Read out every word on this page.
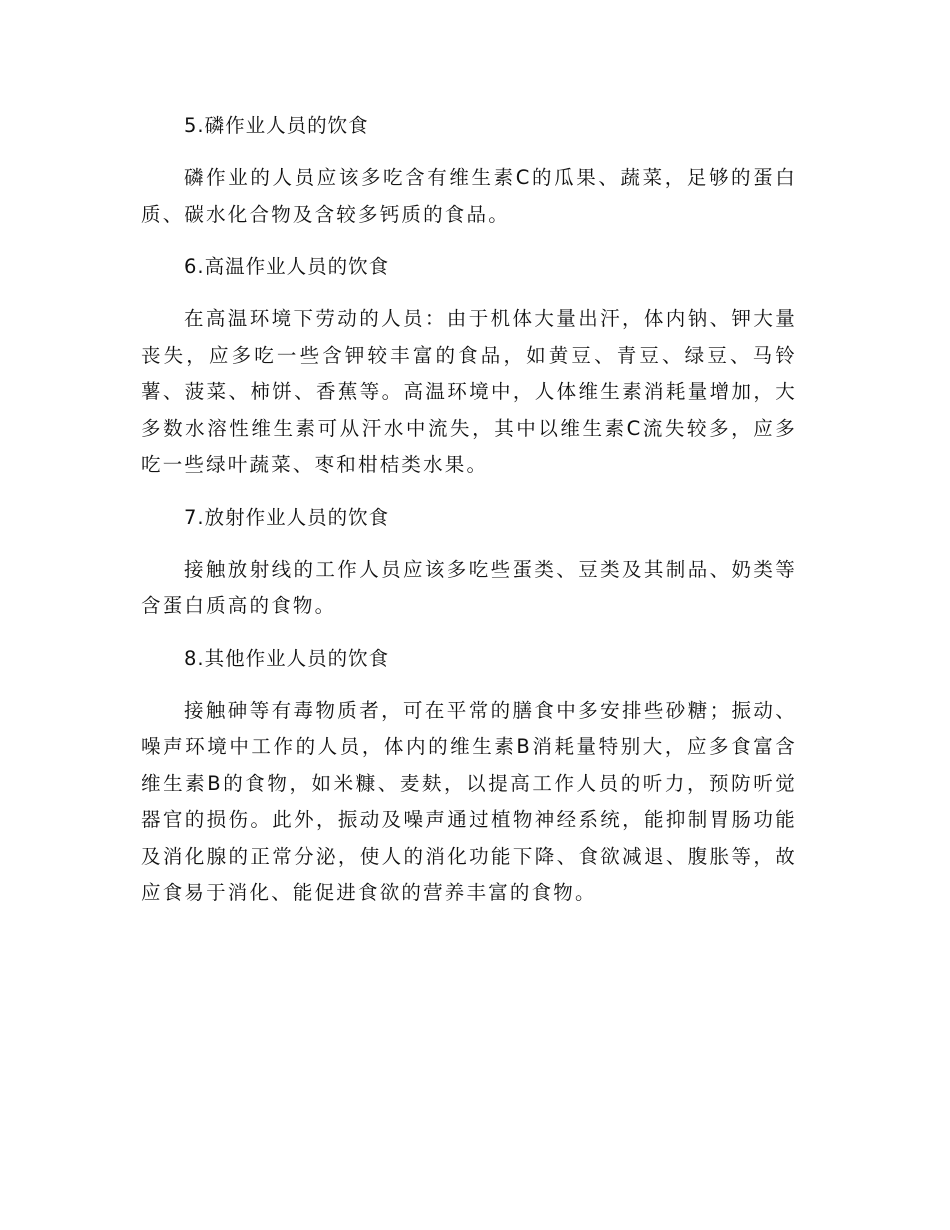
5.磷作业人员的饮食

磷作业的人员应该多吃含有维生素C的瓜果、蔬菜，足够的蛋白质、碳水化合物及含较多钙质的食品。

6.高温作业人员的饮食

在高温环境下劳动的人员：由于机体大量出汗，体内钠、钾大量丧失，应多吃一些含钾较丰富的食品，如黄豆、青豆、绿豆、马铃薯、菠菜、柿饼、香蕉等。高温环境中，人体维生素消耗量增加，大多数水溶性维生素可从汗水中流失，其中以维生素C流失较多，应多吃一些绿叶蔬菜、枣和柑桔类水果。

7.放射作业人员的饮食

接触放射线的工作人员应该多吃些蛋类、豆类及其制品、奶类等含蛋白质高的食物。

8.其他作业人员的饮食

接触砷等有毒物质者，可在平常的膳食中多安排些砂糖；振动、噪声环境中工作的人员，体内的维生素B消耗量特别大，应多食富含维生素B的食物，如米糠、麦麸，以提高工作人员的听力，预防听觉器官的损伤。此外，振动及噪声通过植物神经系统，能抑制胃肠功能及消化腺的正常分泌，使人的消化功能下降、食欲减退、腹胀等，故应食易于消化、能促进食欲的营养丰富的食物。
